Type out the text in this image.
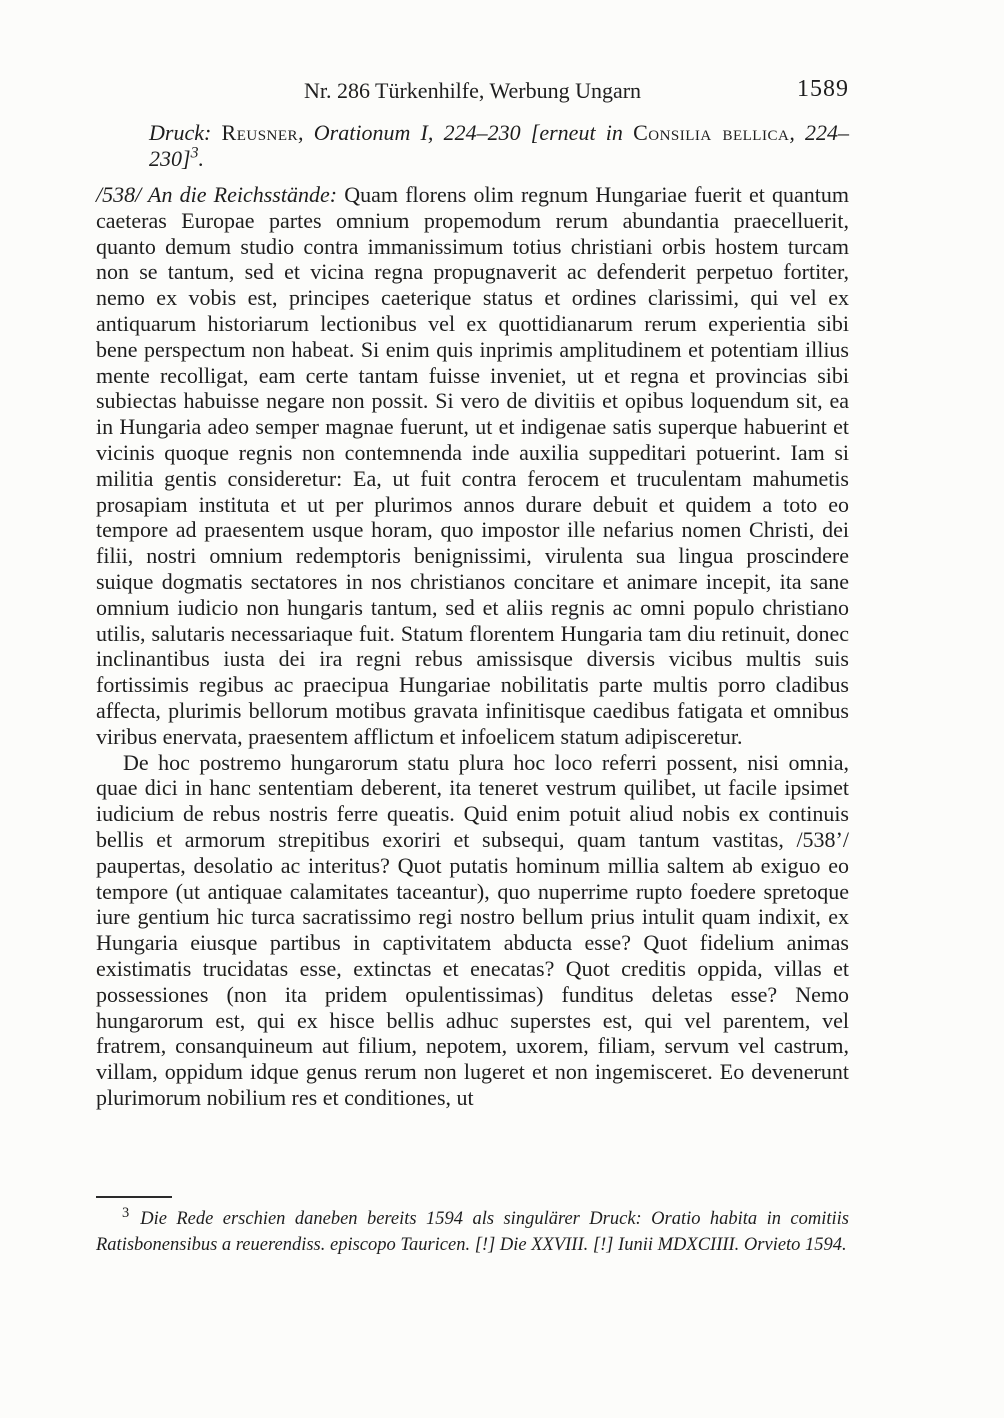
Nr. 286 Türkenhilfe, Werbung Ungarn	1589
Druck: Reusner, Orationum I, 224–230 [erneut in Consilia bellica, 224–230]$^3$.

/538/ An die Reichsstände: Quam florens olim regnum Hungariae fuerit et quantum caeteras Europae partes omnium propemodum rerum abundantia praecelluerit, quanto demum studio contra immanissimum totius christiani orbis hostem turcam non se tantum, sed et vicina regna propugnaverit ac defenderit perpetuo fortiter, nemo ex vobis est, principes caeterique status et ordines clarissimi, qui vel ex antiquarum historiarum lectionibus vel ex quottidianarum rerum experientia sibi bene perspectum non habeat. Si enim quis inprimis amplitudinem et potentiam illius mente recolligat, eam certe tantam fuisse inveniet, ut et regna et provincias sibi subiectas habuisse negare non possit. Si vero de divitiis et opibus loquendum sit, ea in Hungaria adeo semper magnae fuerunt, ut et indigenae satis superque habuerint et vicinis quoque regnis non contemnenda inde auxilia suppeditari potuerint. Iam si militia gentis consideretur: Ea, ut fuit contra ferocem et truculentam mahumetis prosapiam instituta et ut per plurimos annos durare debuit et quidem a toto eo tempore ad praesentem usque horam, quo impostor ille nefarius nomen Christi, dei filii, nostri omnium redemptoris benignissimi, virulenta sua lingua proscindere suique dogmatis sectatores in nos christianos concitare et animare incepit, ita sane omnium iudicio non hungaris tantum, sed et aliis regnis ac omni populo christiano utilis, salutaris necessariaque fuit. Statum florentem Hungaria tam diu retinuit, donec inclinantibus iusta dei ira regni rebus amissisque diversis vicibus multis suis fortissimis regibus ac praecipua Hungariae nobilitatis parte multis porro cladibus affecta, plurimis bellorum motibus gravata infinitisque caedibus fatigata et omnibus viribus enervata, praesentem afflictum et infoelicem statum adipisceretur.

De hoc postremo hungarorum statu plura hoc loco referri possent, nisi omnia, quae dici in hanc sententiam deberent, ita teneret vestrum quilibet, ut facile ipsimet iudicium de rebus nostris ferre queatis. Quid enim potuit aliud nobis ex continuis bellis et armorum strepitibus exoriri et subsequi, quam tantum vastitas, /538’/ paupertas, desolatio ac interitus? Quot putatis hominum millia saltem ab exiguo eo tempore (ut antiquae calamitates taceantur), quo nuperrime rupto foedere spretoque iure gentium hic turca sacratissimo regi nostro bellum prius intulit quam indixit, ex Hungaria eiusque partibus in captivitatem abducta esse? Quot fidelium animas existimatis trucidatas esse, extinctas et enecatas? Quot creditis oppida, villas et possessiones (non ita pridem opulentissimas) funditus deletas esse? Nemo hungarorum est, qui ex hisce bellis adhuc superstes est, qui vel parentem, vel fratrem, consanquineum aut filium, nepotem, uxorem, filiam, servum vel castrum, villam, oppidum idque genus rerum non lugeret et non ingemisceret. Eo devenerunt plurimorum nobilium res et conditiones, ut

$^3$ Die Rede erschien daneben bereits 1594 als singulärer Druck: Oratio habita in comitiis Ratisbonensibus a reuerendiss. episcopo Tauricen. [!] Die XXVIII. [!] Iunii MDXCIIII. Orvieto 1594.
